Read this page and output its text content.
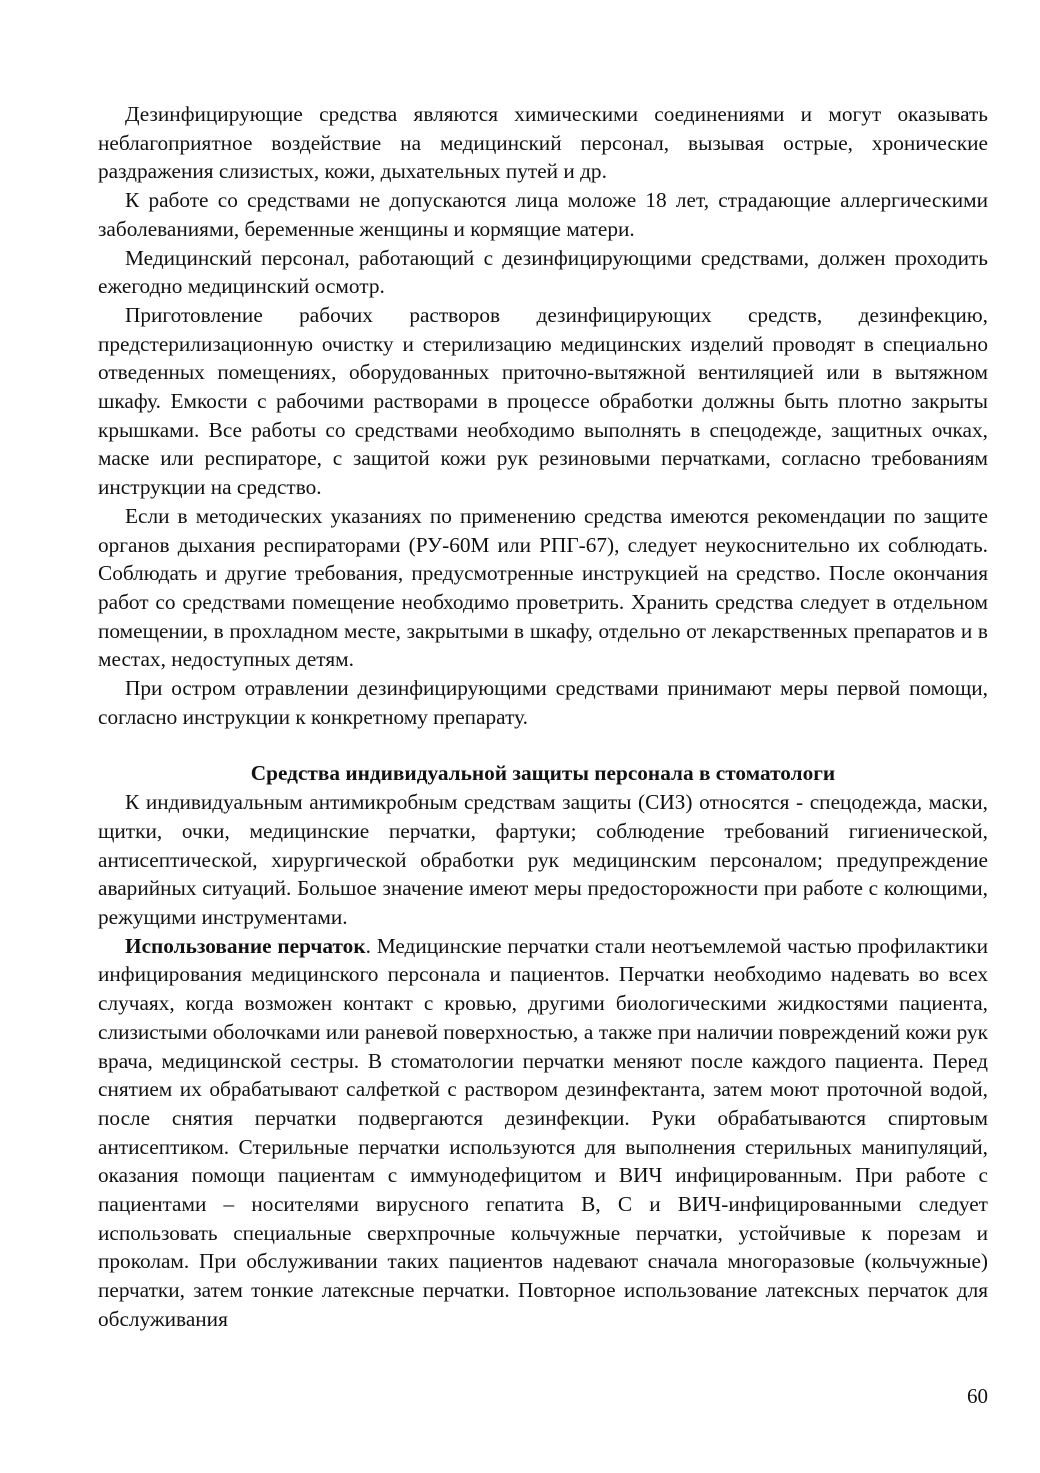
Дезинфицирующие средства являются химическими соединениями и могут оказывать неблагоприятное воздействие на медицинский персонал, вызывая острые, хронические раздражения слизистых, кожи, дыхательных путей и др.

К работе со средствами не допускаются лица моложе 18 лет, страдающие аллергическими заболеваниями, беременные женщины и кормящие матери.

Медицинский персонал, работающий с дезинфицирующими средствами, должен проходить ежегодно медицинский осмотр.

Приготовление рабочих растворов дезинфицирующих средств, дезинфекцию, предстерилизационную очистку и стерилизацию медицинских изделий проводят в специально отведенных помещениях, оборудованных приточно-вытяжной вентиляцией или в вытяжном шкафу. Емкости с рабочими растворами в процессе обработки должны быть плотно закрыты крышками. Все работы со средствами необходимо выполнять в спецодежде, защитных очках, маске или респираторе, с защитой кожи рук резиновыми перчатками, согласно требованиям инструкции на средство.

Если в методических указаниях по применению средства имеются рекомендации по защите органов дыхания респираторами (РУ-60М или РПГ-67), следует неукоснительно их соблюдать. Соблюдать и другие требования, предусмотренные инструкцией на средство. После окончания работ со средствами помещение необходимо проветрить. Хранить средства следует в отдельном помещении, в прохладном месте, закрытыми в шкафу, отдельно от лекарственных препаратов и в местах, недоступных детям.

При остром отравлении дезинфицирующими средствами принимают меры первой помощи, согласно инструкции к конкретному препарату.

Средства индивидуальной защиты персонала в стоматологи

К индивидуальным антимикробным средствам защиты (СИЗ) относятся - спецодежда, маски, щитки, очки, медицинские перчатки, фартуки; соблюдение требований гигиенической, антисептической, хирургической обработки рук медицинским персоналом; предупреждение аварийных ситуаций. Большое значение имеют меры предосторожности при работе с колющими, режущими инструментами.

Использование перчаток. Медицинские перчатки стали неотъемлемой частью профилактики инфицирования медицинского персонала и пациентов. Перчатки необходимо надевать во всех случаях, когда возможен контакт с кровью, другими биологическими жидкостями пациента, слизистыми оболочками или раневой поверхностью, а также при наличии повреждений кожи рук врача, медицинской сестры. В стоматологии перчатки меняют после каждого пациента. Перед снятием их обрабатывают салфеткой с раствором дезинфектанта, затем моют проточной водой, после снятия перчатки подвергаются дезинфекции. Руки обрабатываются спиртовым антисептиком. Стерильные перчатки используются для выполнения стерильных манипуляций, оказания помощи пациентам с иммунодефицитом и ВИЧ инфицированным. При работе с пациентами – носителями вирусного гепатита В, С и ВИЧ-инфицированными следует использовать специальные сверхпрочные кольчужные перчатки, устойчивые к порезам и проколам. При обслуживании таких пациентов надевают сначала многоразовые (кольчужные) перчатки, затем тонкие латексные перчатки. Повторное использование латексных перчаток для обслуживания

60
